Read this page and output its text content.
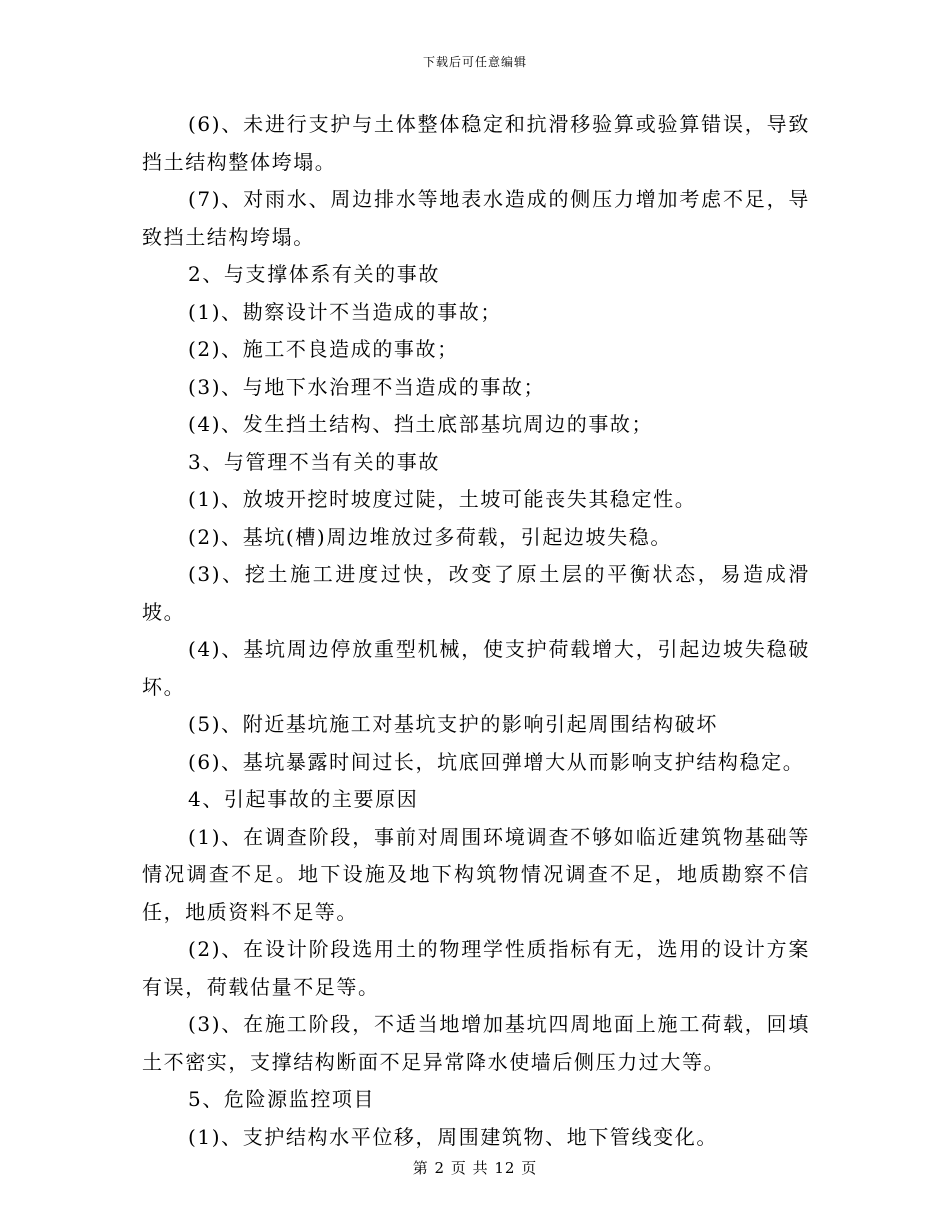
下载后可任意编辑

(6)、未进行支护与土体整体稳定和抗滑移验算或验算错误，导致挡土结构整体垮塌。

(7)、对雨水、周边排水等地表水造成的侧压力增加考虑不足，导致挡土结构垮塌。

2、与支撑体系有关的事故

(1)、勘察设计不当造成的事故；

(2)、施工不良造成的事故；

(3)、与地下水治理不当造成的事故；

(4)、发生挡土结构、挡土底部基坑周边的事故；

3、与管理不当有关的事故

(1)、放坡开挖时坡度过陡，土坡可能丧失其稳定性。

(2)、基坑(槽)周边堆放过多荷载，引起边坡失稳。

(3)、挖土施工进度过快，改变了原土层的平衡状态，易造成滑坡。

(4)、基坑周边停放重型机械，使支护荷载增大，引起边坡失稳破坏。

(5)、附近基坑施工对基坑支护的影响引起周围结构破坏

(6)、基坑暴露时间过长，坑底回弹增大从而影响支护结构稳定。

4、引起事故的主要原因

(1)、在调查阶段，事前对周围环境调查不够如临近建筑物基础等情况调查不足。地下设施及地下构筑物情况调查不足，地质勘察不信任，地质资料不足等。

(2)、在设计阶段选用土的物理学性质指标有无，选用的设计方案有误，荷载估量不足等。

(3)、在施工阶段，不适当地增加基坑四周地面上施工荷载，回填土不密实，支撑结构断面不足异常降水使墙后侧压力过大等。

5、危险源监控项目

(1)、支护结构水平位移，周围建筑物、地下管线变化。

第 2 页 共 12 页
